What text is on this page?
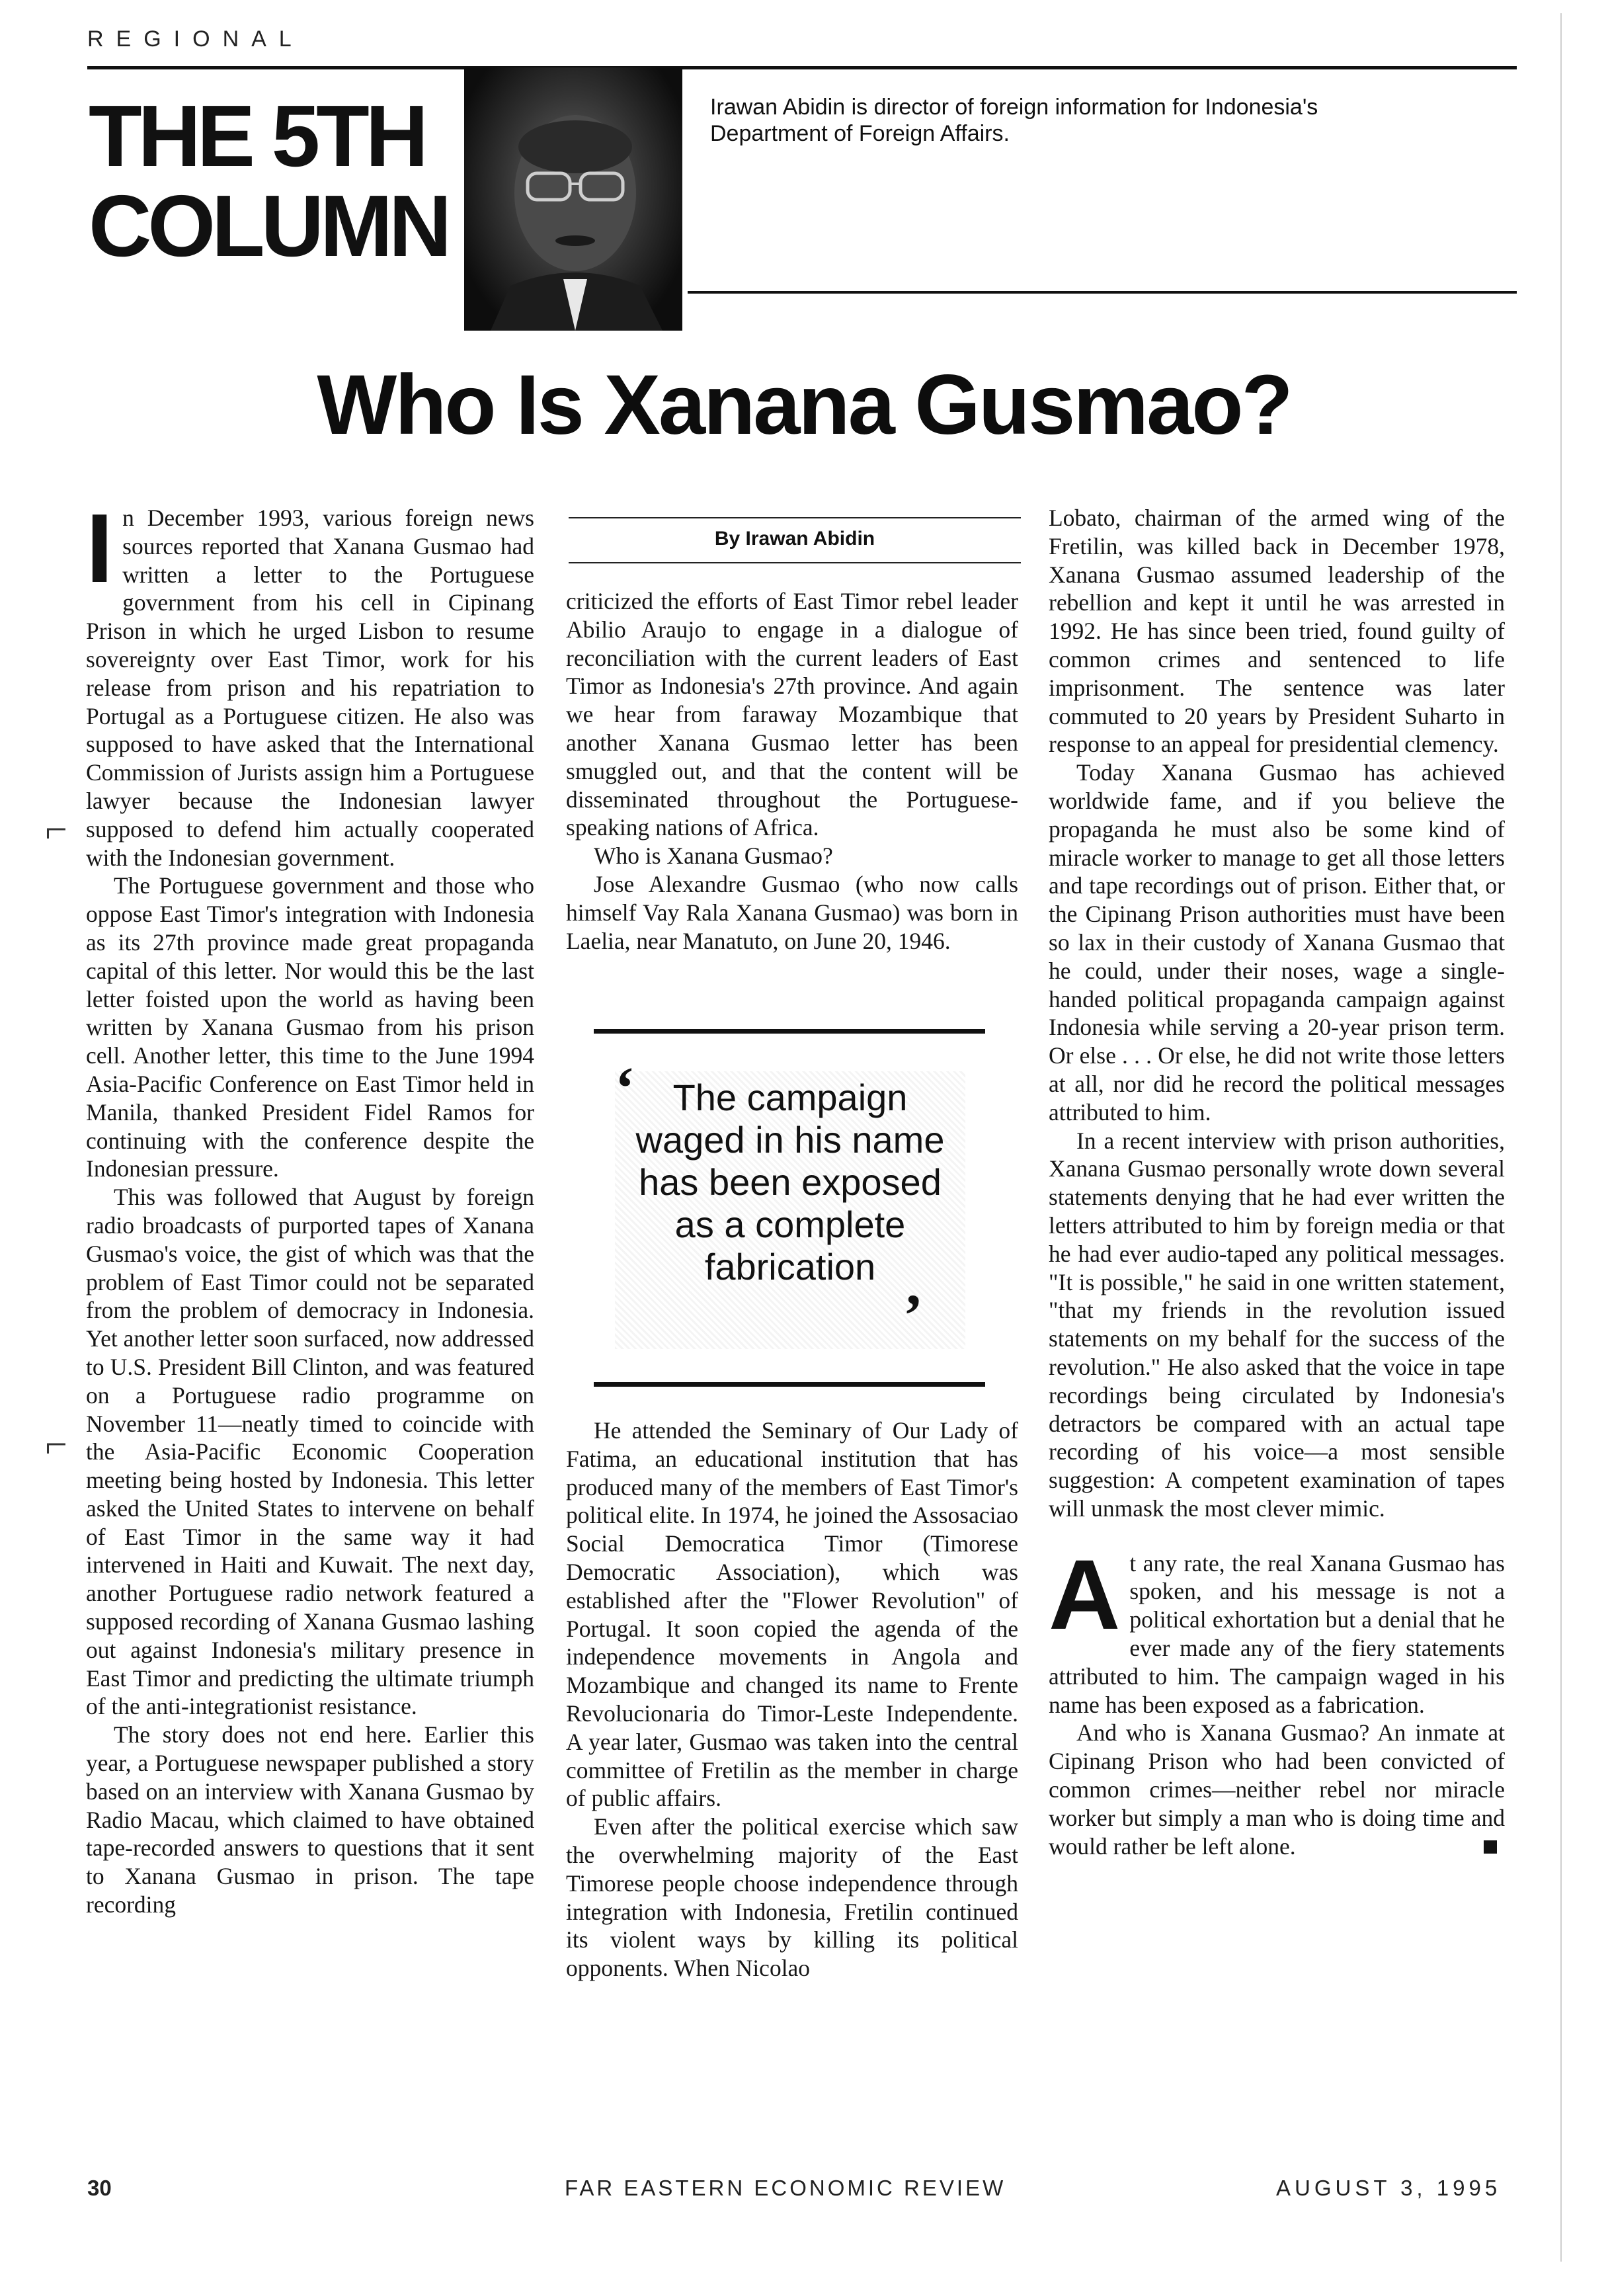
REGIONAL
THE 5TH
COLUMN
Irawan Abidin is director of foreign information for Indonesia's Department of Foreign Affairs.
Who Is Xanana Gusmao?
I n December 1993, various foreign news sources reported that Xanana Gusmao had written a letter to the Portuguese government from his cell in Cipinang Prison in which he urged Lisbon to resume sovereignty over East Timor, work for his release from prison and his repatriation to Portugal as a Portuguese citizen. He also was supposed to have asked that the International Commission of Jurists assign him a Portuguese lawyer because the Indonesian lawyer supposed to defend him actually cooperated with the Indonesian government.

The Portuguese government and those who oppose East Timor's integration with Indonesia as its 27th province made great propaganda capital of this letter. Nor would this be the last letter foisted upon the world as having been written by Xanana Gusmao from his prison cell. Another letter, this time to the June 1994 Asia-Pacific Conference on East Timor held in Manila, thanked President Fidel Ramos for continuing with the conference despite the Indonesian pressure.

This was followed that August by foreign radio broadcasts of purported tapes of Xanana Gusmao's voice, the gist of which was that the problem of East Timor could not be separated from the problem of democracy in Indonesia. Yet another letter soon surfaced, now addressed to U.S. President Bill Clinton, and was featured on a Portuguese radio programme on November 11—neatly timed to coincide with the Asia-Pacific Economic Cooperation meeting being hosted by Indonesia. This letter asked the United States to intervene on behalf of East Timor in the same way it had intervened in Haiti and Kuwait. The next day, another Portuguese radio network featured a supposed recording of Xanana Gusmao lashing out against Indonesia's military presence in East Timor and predicting the ultimate triumph of the anti-integrationist resistance.

The story does not end here. Earlier this year, a Portuguese newspaper published a story based on an interview with Xanana Gusmao by Radio Macau, which claimed to have obtained tape-recorded answers to questions that it sent to Xanana Gusmao in prison. The tape recording

By Irawan Abidin

criticized the efforts of East Timor rebel leader Abilio Araujo to engage in a dialogue of reconciliation with the current leaders of East Timor as Indonesia's 27th province. And again we hear from faraway Mozambique that another Xanana Gusmao letter has been smuggled out, and that the content will be disseminated throughout the Portuguese-speaking nations of Africa.

Who is Xanana Gusmao?

Jose Alexandre Gusmao (who now calls himself Vay Rala Xanana Gusmao) was born in Laelia, near Manatuto, on June 20, 1946.

The campaign waged in his name has been exposed as a complete fabrication
‘
’

He attended the Seminary of Our Lady of Fatima, an educational institution that has produced many of the members of East Timor's political elite. In 1974, he joined the Assosaciao Social Democratica Timor (Timorese Democratic Association), which was established after the "Flower Revolution" of Portugal. It soon copied the agenda of the independence movements in Angola and Mozambique and changed its name to Frente Revolucionaria do Timor-Leste Independente. A year later, Gusmao was taken into the central committee of Fretilin as the member in charge of public affairs.

Even after the political exercise which saw the overwhelming majority of the East Timorese people choose independence through integration with Indonesia, Fretilin continued its violent ways by killing its political opponents. When Nicolao

Lobato, chairman of the armed wing of the Fretilin, was killed back in December 1978, Xanana Gusmao assumed leadership of the rebellion and kept it until he was arrested in 1992. He has since been tried, found guilty of common crimes and sentenced to life imprisonment. The sentence was later commuted to 20 years by President Suharto in response to an appeal for presidential clemency.

Today Xanana Gusmao has achieved worldwide fame, and if you believe the propaganda he must also be some kind of miracle worker to manage to get all those letters and tape recordings out of prison. Either that, or the Cipinang Prison authorities must have been so lax in their custody of Xanana Gusmao that he could, under their noses, wage a single-handed political propaganda campaign against Indonesia while serving a 20-year prison term. Or else . . . Or else, he did not write those letters at all, nor did he record the political messages attributed to him.

In a recent interview with prison authorities, Xanana Gusmao personally wrote down several statements denying that he had ever written the letters attributed to him by foreign media or that he had ever audio-taped any political messages. "It is possible," he said in one written statement, "that my friends in the revolution issued statements on my behalf for the success of the revolution." He also asked that the voice in tape recordings being circulated by Indonesia's detractors be compared with an actual tape recording of his voice—a most sensible suggestion: A competent examination of tapes will unmask the most clever mimic.

A t any rate, the real Xanana Gusmao has spoken, and his message is not a political exhortation but a denial that he ever made any of the fiery statements attributed to him. The campaign waged in his name has been exposed as a fabrication.

And who is Xanana Gusmao? An inmate at Cipinang Prison who had been convicted of common crimes—neither rebel nor miracle worker but simply a man who is doing time and would rather be left alone.

30	FAR EASTERN ECONOMIC REVIEW	AUGUST 3, 1995
⌐
⌐
